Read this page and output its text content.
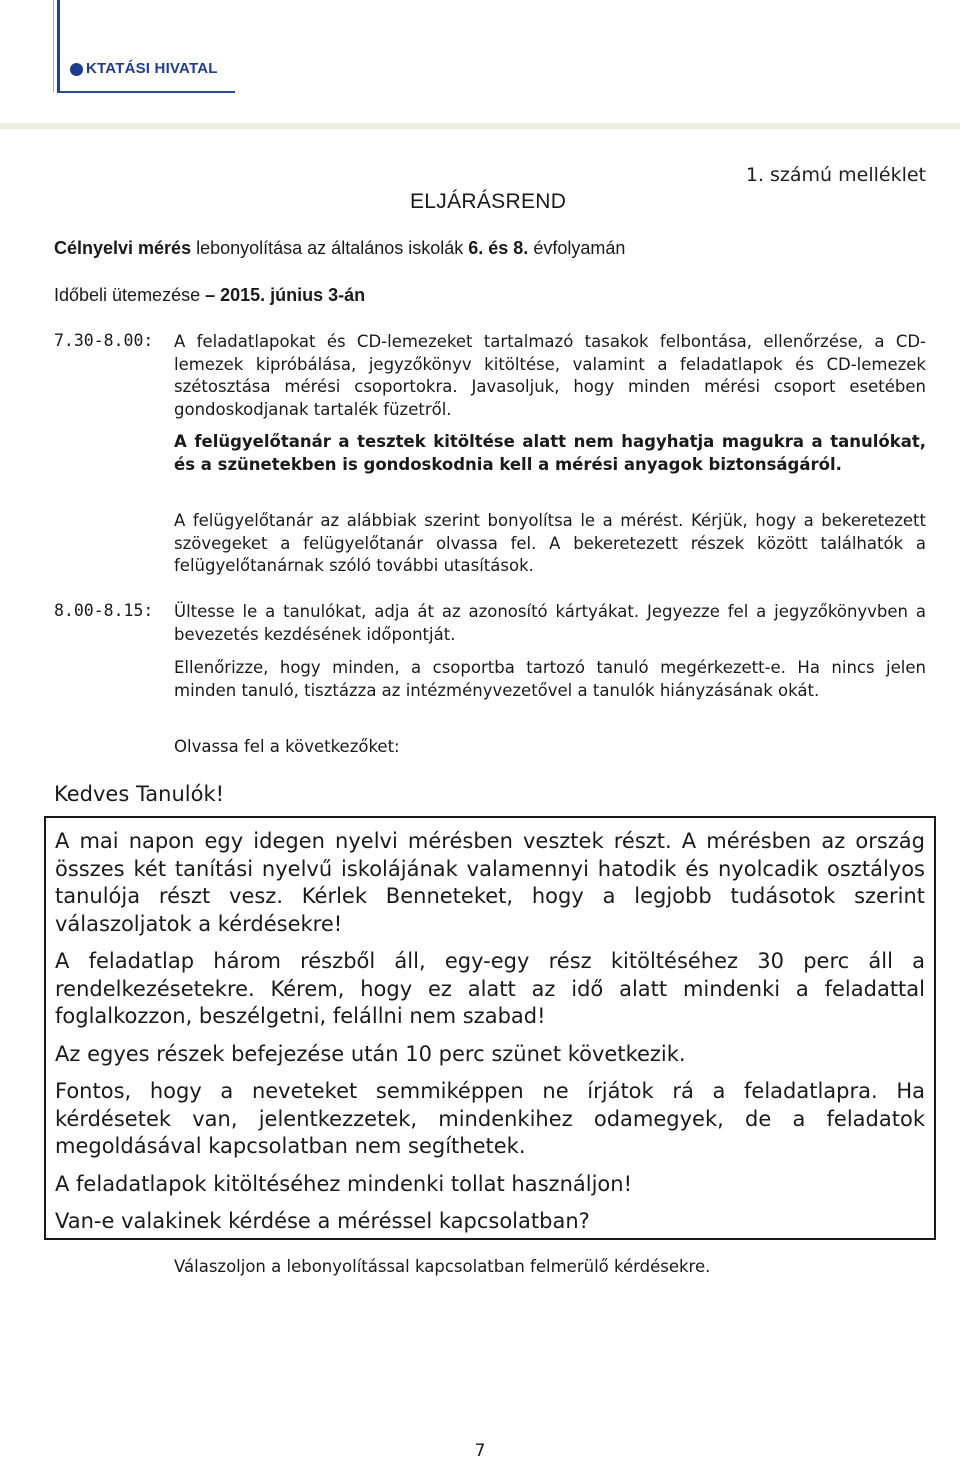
KTATÁSI HIVATAL
1. számú melléklet
ELJÁRÁSREND
Célnyelvi mérés lebonyolítása az általános iskolák 6. és 8. évfolyamán
Időbeli ütemezése – 2015. június 3-án
7.30-8.00: A feladatlapokat és CD-lemezeket tartalmazó tasakok felbontása, ellenőrzése, a CD-lemezek kipróbálása, jegyzőkönyv kitöltése, valamint a feladatlapok és CD-lemezek szétosztása mérési csoportokra. Javasoljuk, hogy minden mérési csoport esetében gondoskodjanak tartalék füzetről.

A felügyelőtanár a tesztek kitöltése alatt nem hagyhatja magukra a tanulókat, és a szünetekben is gondoskodnia kell a mérési anyagok biztonságáról.

A felügyelőtanár az alábbiak szerint bonyolítsa le a mérést. Kérjük, hogy a bekeretezett szövegeket a felügyelőtanár olvassa fel. A bekeretezett részek között találhatók a felügyelőtanárnak szóló további utasítások.

8.00-8.15: Ültesse le a tanulókat, adja át az azonosító kártyákat. Jegyezze fel a jegyzőkönyvben a bevezetés kezdésének időpontját.

Ellenőrizze, hogy minden, a csoportba tartozó tanuló megérkezett-e. Ha nincs jelen minden tanuló, tisztázza az intézményvezetővel a tanulók hiányzásának okát.

Olvassa fel a következőket:

A mai napon egy idegen nyelvi mérésben vesztek részt. A mérésben az ország összes két tanítási nyelvű iskolájának valamennyi hatodik és nyolcadik osztályos tanulója részt vesz. Kérlek Benneteket, hogy a legjobb tudásotok szerint válaszoljatok a kérdésekre!

A feladatlap három részből áll, egy-egy rész kitöltéséhez 30 perc áll a rendelkezésetekre. Kérem, hogy ez alatt az idő alatt mindenki a feladattal foglalkozzon, beszélgetni, felállni nem szabad!

Az egyes részek befejezése után 10 perc szünet következik.

Fontos, hogy a neveteket semmiképpen ne írjátok rá a feladatlapra. Ha kérdésetek van, jelentkezzetek, mindenkihez odamegyek, de a feladatok megoldásával kapcsolatban nem segíthetek.

A feladatlapok kitöltéséhez mindenki tollat használjon!

Van-e valakinek kérdése a méréssel kapcsolatban?

Kedves Tanulók!
Válaszoljon a lebonyolítással kapcsolatban felmerülő kérdésekre.
7
